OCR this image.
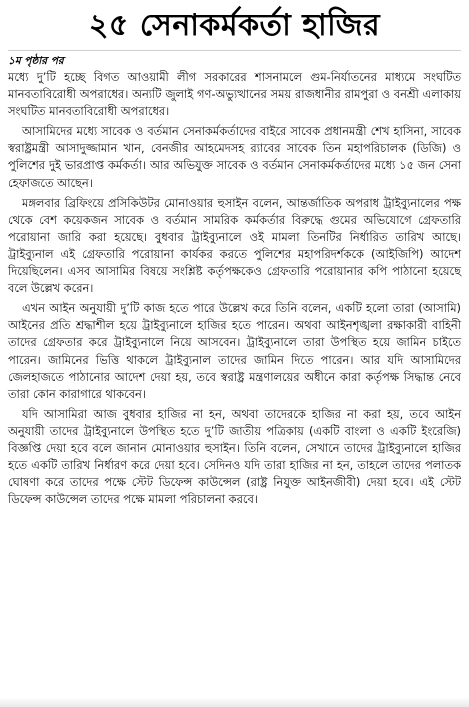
২৫ সেনাকর্মকর্তা হাজির
১ম পৃষ্ঠার পর

মধ্যে দু’টি হচ্ছে বিগত আওয়ামী লীগ সরকারের শাসনামলে গুম-নির্যাতনের মাধ্যমে সংঘটিত মানবতাবিরোধী অপরাধের। অন্যটি জুলাই গণ-অভ্যুত্থানের সময় রাজধানীর রামপুরা ও বনশ্রী এলাকায় সংঘটিত মানবতাবিরোধী অপরাধের।

আসামিদের মধ্যে সাবেক ও বর্তমান সেনাকর্মকর্তাদের বাইরে সাবেক প্রধানমন্ত্রী শেখ হাসিনা, সাবেক স্বরাষ্ট্রমন্ত্রী আসাদুজ্জামান খান, বেনজীর আহমেদসহ র‌্যাবের সাবেক তিন মহাপরিচালক (ডিজি) ও পুলিশের দুই ভারপ্রাপ্ত কর্মকর্তা। আর অভিযুক্ত সাবেক ও বর্তমান সেনাকর্মকর্তাদের মধ্যে ১৫ জন সেনা হেফাজতে আছেন।

মঙ্গলবার ব্রিফিংয়ে প্রসিকিউটর মোনাওয়ার হুসাইন বলেন, আন্তর্জাতিক অপরাধ ট্রাইব্যুনালের পক্ষ থেকে বেশ কয়েকজন সাবেক ও বর্তমান সামরিক কর্মকর্তার বিরুদ্ধে গুমের অভিযোগে গ্রেফতারি পরোয়ানা জারি করা হয়েছে। বুধবার ট্রাইব্যুনালে ওই মামলা তিনটির নির্ধারিত তারিখ আছে। ট্রাইব্যুনাল এই গ্রেফতারি পরোয়ানা কার্যকর করতে পুলিশের মহাপরিদর্শককে (আইজিপি) আদেশ দিয়েছিলেন। এসব আসামির বিষয়ে সংশ্লিষ্ট কর্তৃপক্ষকেও গ্রেফতারি পরোয়ানার কপি পাঠানো হয়েছে বলে উল্লেখ করেন।

এখন আইন অনুযায়ী দু’টি কাজ হতে পারে উল্লেখ করে তিনি বলেন, একটি হলো তারা (আসামি) আইনের প্রতি শ্রদ্ধাশীল হয়ে ট্রাইব্যুনালে হাজির হতে পারেন। অথবা আইনশৃঙ্খলা রক্ষাকারী বাহিনী তাদের গ্রেফতার করে ট্রাইব্যুনালে নিয়ে আসবেন। ট্রাইব্যুনালে তারা উপস্থিত হয়ে জামিন চাইতে পারেন। জামিনের ভিত্তি থাকলে ট্রাইব্যুনাল তাদের জামিন দিতে পারেন। আর যদি আসামিদের জেলহাজতে পাঠানোর আদেশ দেয়া হয়, তবে স্বরাষ্ট্র মন্ত্রণালয়ের অধীনে কারা কর্তৃপক্ষ সিদ্ধান্ত নেবে তারা কোন কারাগারে থাকবেন।

যদি আসামিরা আজ বুধবার হাজির না হন, অথবা তাদেরকে হাজির না করা হয়, তবে আইন অনুযায়ী তাদের ট্রাইব্যুনালে উপস্থিত হতে দু’টি জাতীয় পত্রিকায় (একটি বাংলা ও একটি ইংরেজি) বিজ্ঞপ্তি দেয়া হবে বলে জানান মোনাওয়ার হুসাইন। তিনি বলেন, সেখানে তাদের ট্রাইব্যুনালে হাজির হতে একটি তারিখ নির্ধারণ করে দেয়া হবে। সেদিনও যদি তারা হাজির না হন, তাহলে তাদের পলাতক ঘোষণা করে তাদের পক্ষে স্টেট ডিফেন্স কাউন্সেল (রাষ্ট্র নিযুক্ত আইনজীবী) দেয়া হবে। এই স্টেট ডিফেন্স কাউন্সেল তাদের পক্ষে মামলা পরিচালনা করবে।
